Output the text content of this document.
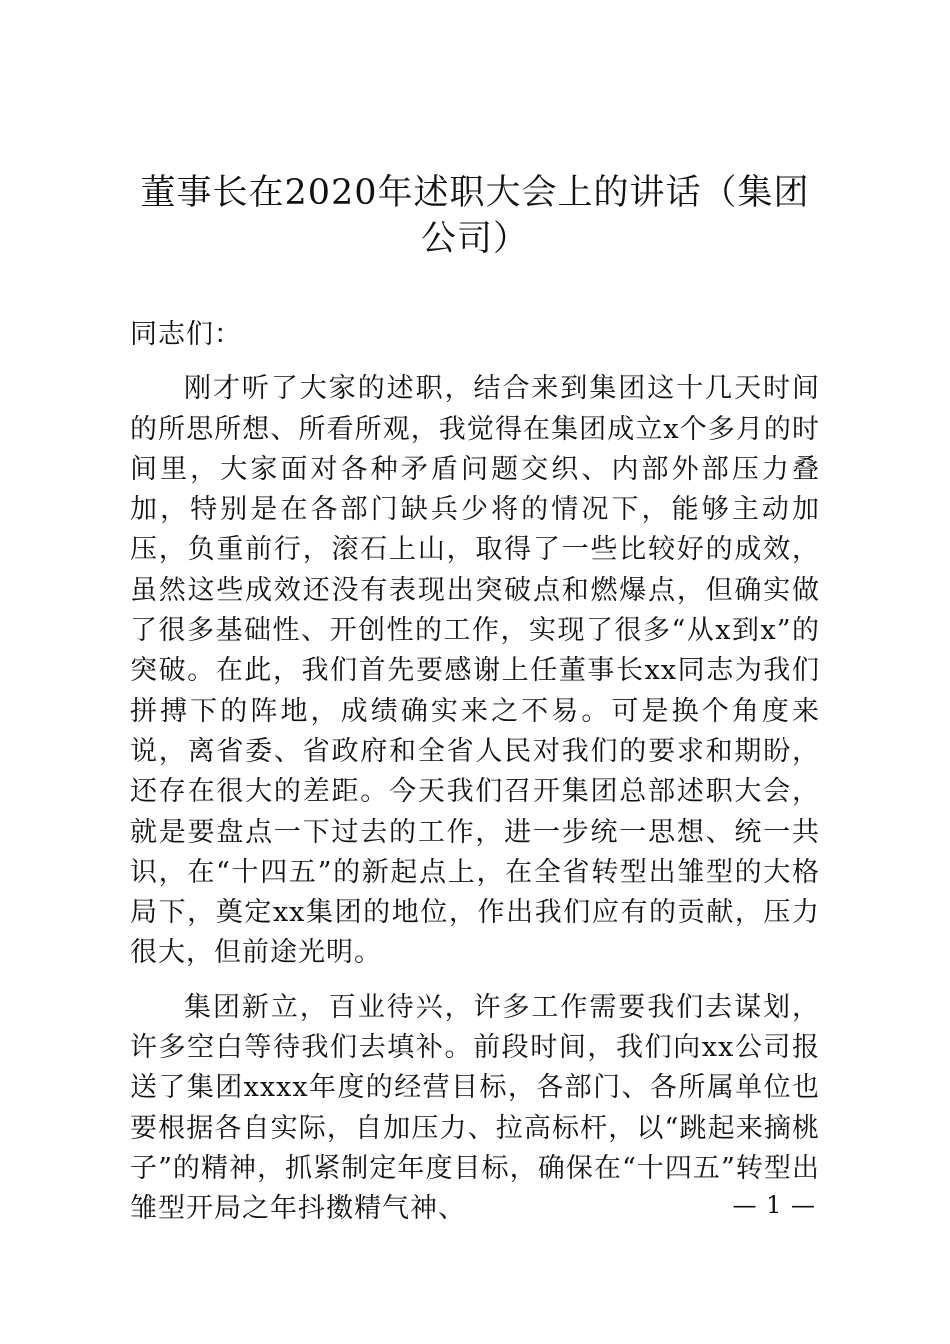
董事长在2020年述职大会上的讲话（集团公司）

同志们：

刚才听了大家的述职，结合来到集团这十几天时间的所思所想、所看所观，我觉得在集团成立x个多月的时间里，大家面对各种矛盾问题交织、内部外部压力叠加，特别是在各部门缺兵少将的情况下，能够主动加压，负重前行，滚石上山，取得了一些比较好的成效，虽然这些成效还没有表现出突破点和燃爆点，但确实做了很多基础性、开创性的工作，实现了很多“从x到x”的突破。在此，我们首先要感谢上任董事长xx同志为我们拼搏下的阵地，成绩确实来之不易。可是换个角度来说，离省委、省政府和全省人民对我们的要求和期盼，还存在很大的差距。今天我们召开集团总部述职大会，就是要盘点一下过去的工作，进一步统一思想、统一共识，在“十四五”的新起点上，在全省转型出雏型的大格局下，奠定xx集团的地位，作出我们应有的贡献，压力很大，但前途光明。

集团新立，百业待兴，许多工作需要我们去谋划，许多空白等待我们去填补。前段时间，我们向xx公司报送了集团xxxx年度的经营目标，各部门、各所属单位也要根据各自实际，自加压力、拉高标杆，以“跳起来摘桃子”的精神，抓紧制定年度目标，确保在“十四五”转型出雏型开局之年抖擞精气神、	— 1 —
